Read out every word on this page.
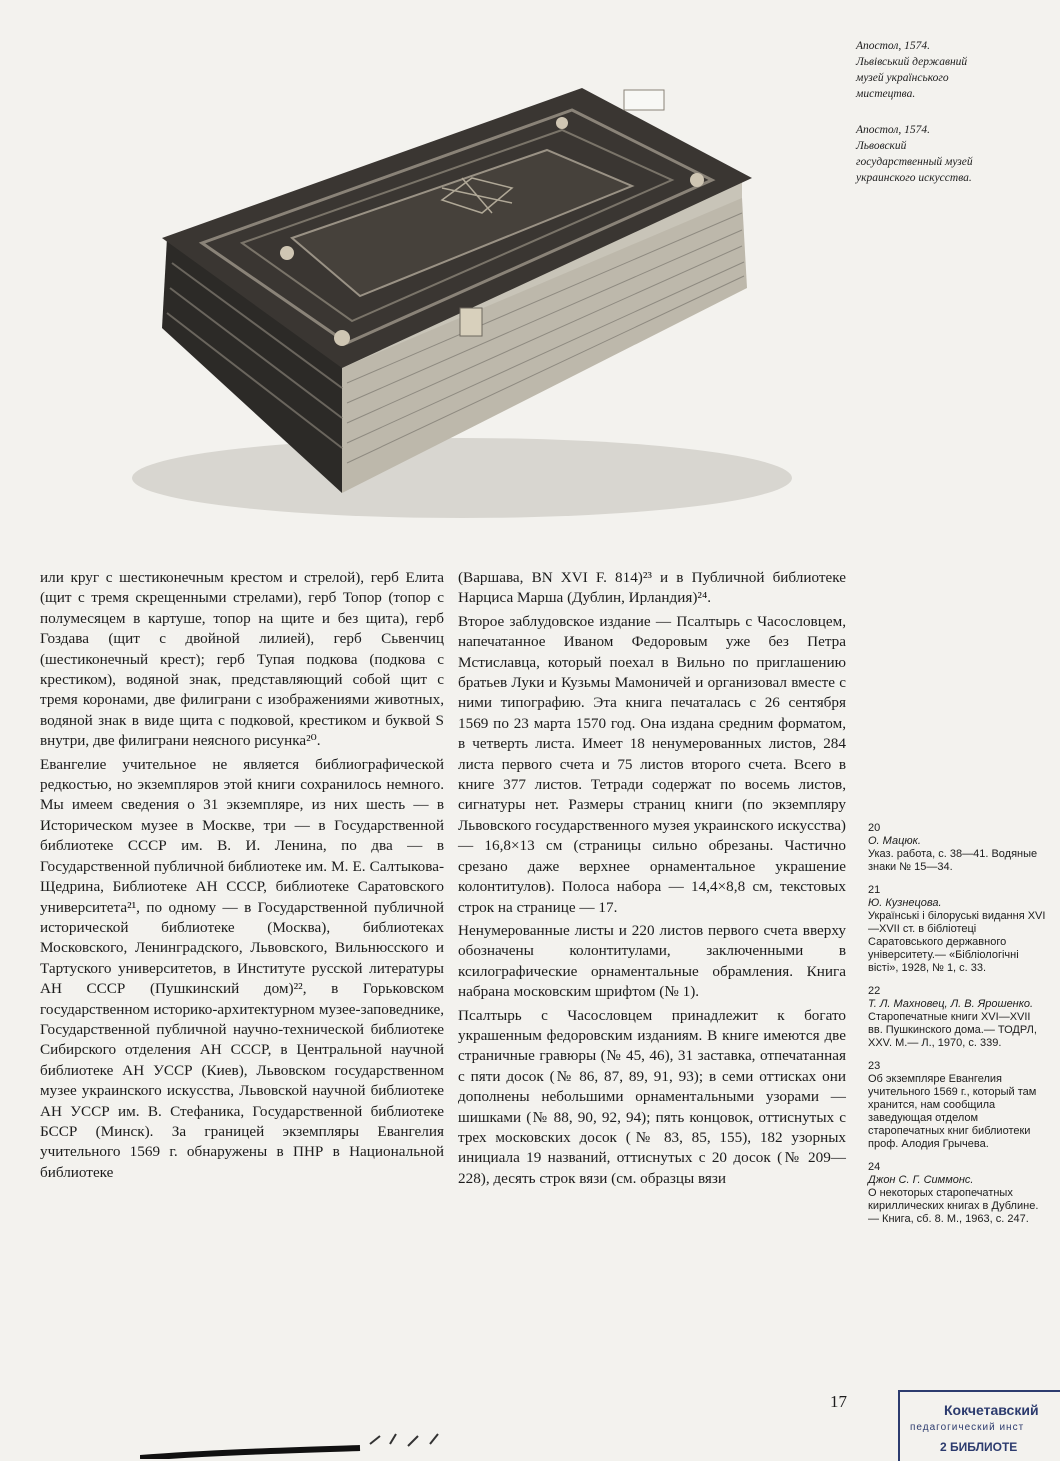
Апостол, 1574.

Львівський державний

музей українського

мистецтва.

Апостол, 1574.

Львовский

государственный музей

украинского искусства.

или круг с шестиконечным крестом и стрелой), герб Елита (щит с тремя скрещенными стрелами), герб Топор (топор с полумесяцем в картуше, топор на щите и без щита), герб Гоздава (щит с двойной лилией), герб Сьвенчиц (шестиконечный крест); герб Тупая подкова (подкова с крестиком), водяной знак, представляющий собой щит с тремя коронами, две филиграни с изображениями животных, водяной знак в виде щита с подковой, крестиком и буквой S внутри, две филиграни неясного рисунка²⁰.

Евангелие учительное не является библиографической редкостью, но экземпляров этой книги сохранилось немного. Мы имеем сведения о 31 экземпляре, из них шесть — в Историческом музее в Москве, три — в Государственной библиотеке СССР им. В. И. Ленина, по два — в Государственной публичной библиотеке им. М. Е. Салтыкова-Щедрина, Библиотеке АН СССР, библиотеке Саратовского университета²¹, по одному — в Государственной публичной исторической библиотеке (Москва), библиотеках Московского, Ленинградского, Львовского, Вильнюсского и Тартуского университетов, в Институте русской литературы АН СССР (Пушкинский дом)²², в Горьковском государственном историко-архитектурном музее-заповеднике, Государственной публичной научно-технической библиотеке Сибирского отделения АН СССР, в Центральной научной библиотеке АН УССР (Киев), Львовском государственном музее украинского искусства, Львовской научной библиотеке АН УССР им. В. Стефаника, Государственной библиотеке БССР (Минск). За границей экземпляры Евангелия учительного 1569 г. обнаружены в ПНР в Национальной библиотеке

(Варшава, BN XVI F. 814)²³ и в Публичной библиотеке Нарциса Марша (Дублин, Ирландия)²⁴.

Второе заблудовское издание — Псалтырь с Часословцем, напечатанное Иваном Федоровым уже без Петра Мстиславца, который поехал в Вильно по приглашению братьев Луки и Кузьмы Мамоничей и организовал вместе с ними типографию. Эта книга печаталась с 26 сентября 1569 по 23 марта 1570 год. Она издана средним форматом, в четверть листа. Имеет 18 ненумерованных листов, 284 листа первого счета и 75 листов второго счета. Всего в книге 377 листов. Тетради содержат по восемь листов, сигнатуры нет. Размеры страниц книги (по экземпляру Львовского государственного музея украинского искусства) — 16,8×13 см (страницы сильно обрезаны. Частично срезано даже верхнее орнаментальное украшение колонтитулов). Полоса набора — 14,4×8,8 см, текстовых строк на странице — 17.

Ненумерованные листы и 220 листов первого счета вверху обозначены колонтитулами, заключенными в ксилографические орнаментальные обрамления. Книга набрана московским шрифтом (№ 1).

Псалтырь с Часословцем принадлежит к богато украшенным федоровским изданиям. В книге имеются две страничные гравюры (№ 45, 46), 31 заставка, отпечатанная с пяти досок (№ 86, 87, 89, 91, 93); в семи оттисках они дополнены небольшими орнаментальными узорами — шишками (№ 88, 90, 92, 94); пять концовок, оттиснутых с трех московских досок (№ 83, 85, 155), 182 узорных инициала 19 названий, оттиснутых с 20 досок (№ 209—228), десять строк вязи (см. образцы вязи

20
О. Мацюк.
Указ. работа, с. 38—41. Водяные знаки № 15—34.
21
Ю. Кузнецова.
Українські і білоруські видання XVI—XVII ст. в бібліотеці Саратовського державного університету.— «Бібліологічні вісті», 1928, № 1, с. 33.
22
Т. Л. Махновец, Л. В. Ярошенко.
Старопечатные книги XVI—XVII вв. Пушкинского дома.— ТОДРЛ, XXV. М.— Л., 1970, с. 339.
23
Об экземпляре Евангелия учительного 1569 г., который там хранится, нам сообщила заведующая отделом старопечатных книг библиотеки проф. Алодия Грычева.
24
Джон С. Г. Симмонс.
О некоторых старопечатных кириллических книгах в Дублине.— Книга, сб. 8. М., 1963, с. 247.
17	Кокчетавский
педагогический инст
2 БИБЛИОТЕ
